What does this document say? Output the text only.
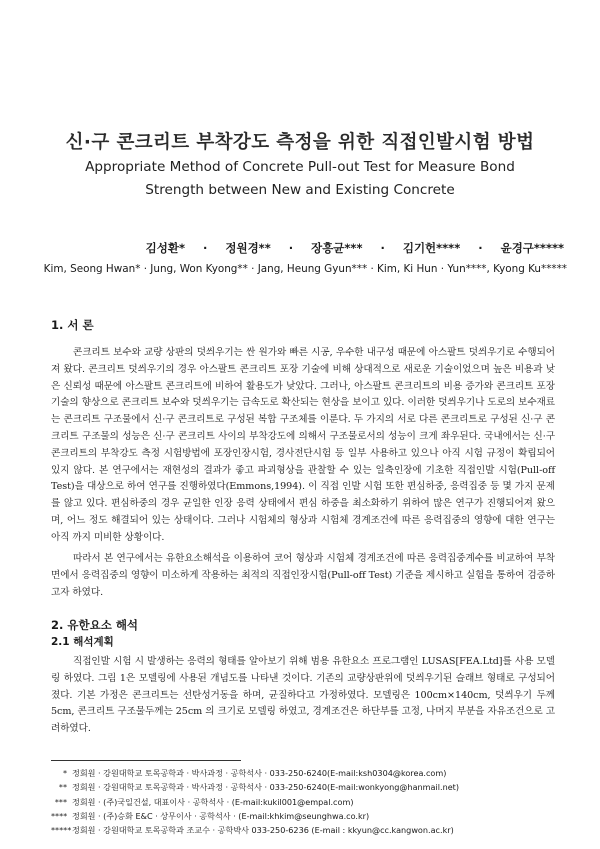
신·구 콘크리트 부착강도 측정을 위한 직접인발시험 방법
Appropriate Method of Concrete Pull-out Test for Measure Bond
Strength between New and Existing Concrete
김성환* · 정원경** · 장흥균*** · 김기헌**** · 윤경구*****
Kim, Seong Hwan* · Jung, Won Kyong** · Jang, Heung Gyun*** · Kim, Ki Hun · Yun****, Kyong Ku*****
1. 서 론

콘크리트 보수와 교량 상판의 덧씌우기는 싼 원가와 빠른 시공, 우수한 내구성 때문에 아스팔트 덧씌우기로 수행되어져 왔다. 콘크리트 덧씌우기의 경우 아스팔트 콘크리트 포장 기술에 비해 상대적으로 새로운 기술이었으며 높은 비용과 낮은 신뢰성 때문에 아스팔트 콘크리트에 비하여 활용도가 낮았다. 그러나, 아스팔트 콘크리트의 비용 증가와 콘크리트 포장 기술의 향상으로 콘크리트 보수와 덧씌우기는 급속도로 확산되는 현상을 보이고 있다. 이러한 덧씌우기나 도로의 보수재료는 콘크리트 구조물에서 신·구 콘크리트로 구성된 복합 구조체를 이룬다. 두 가지의 서로 다른 콘크리트로 구성된 신·구 콘크리트 구조물의 성능은 신·구 콘크리트 사이의 부착강도에 의해서 구조물로서의 성능이 크게 좌우된다. 국내에서는 신·구 콘크리트의 부착강도 측정 시험방법에 포장인장시험, 경사전단시험 등 일부 사용하고 있으나 아직 시험 규정이 확립되어 있지 않다. 본 연구에서는 재현성의 결과가 좋고 파괴형상을 관찰할 수 있는 일축인장에 기초한 직접인발 시험(Pull-off Test)을 대상으로 하여 연구를 진행하였다(Emmons,1994). 이 직접 인발 시험 또한 편심하중, 응력집중 등 몇 가지 문제를 않고 있다. 편심하중의 경우 균일한 인장 응력 상태에서 편심 하중을 최소화하기 위하여 많은 연구가 진행되어져 왔으며, 어느 정도 해결되어 있는 상태이다. 그러나 시험체의 형상과 시험체 경계조건에 따른 응력집중의 영향에 대한 연구는 아직 까지 미비한 상황이다.

따라서 본 연구에서는 유한요소해석을 이용하여 코어 형상과 시험체 경계조건에 따른 응력집중계수를 비교하여 부착면에서 응력집중의 영향이 미소하게 작용하는 최적의 직접인장시험(Pull-off Test) 기준을 제시하고 실험을 통하여 검증하고자 하였다.

2. 유한요소 해석
2.1 해석계획

직접인발 시험 시 발생하는 응력의 형태를 알아보기 위해 범용 유한요소 프로그램인 LUSAS[FEA.Ltd]를 사용 모델링 하였다. 그림 1은 모델링에 사용된 개념도를 나타낸 것이다. 기존의 교량상판위에 덧씌우기된 슬래브 형태로 구성되어 졌다. 기본 가정은 콘크리트는 선탄성거동을 하며, 균질하다고 가정하였다. 모델링은 100cm×140cm, 덧씌우기 두께 5cm, 콘크리트 구조물두께는 25cm 의 크기로 모델링 하였고, 경계조건은 하단부를 고정, 나머지 부분을 자유조건으로 고려하였다.

* 정회원 · 강원대학교 토목공학과 · 박사과정 · 공학석사 · 033-250-6240(E-mail:ksh0304@korea.com)
** 정회원 · 강원대학교 토목공학과 · 박사과정 · 공학석사 · 033-250-6240(E-mail:wonkyong@hanmail.net)
*** 정회원 · (주)국일건설, 대표이사 · 공학석사 · (E-mail:kukil001@empal.com)
**** 정회원 · (주)승화 E&C · 상무이사 · 공학석사 · (E-mail:khkim@seunghwa.co.kr)
*****정회원 · 강원대학교 토목공학과 조교수 · 공학박사 033-250-6236 (E-mail : kkyun@cc.kangwon.ac.kr)
